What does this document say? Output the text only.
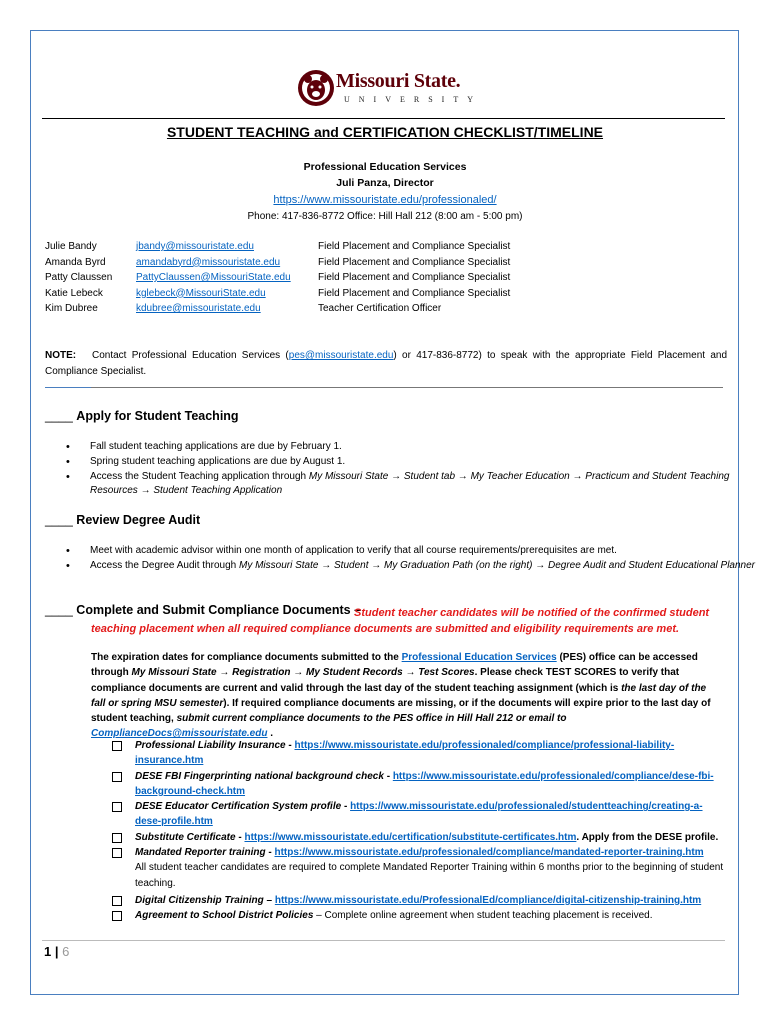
Missouri State.
UNIVERSITY
STUDENT TEACHING and CERTIFICATION CHECKLIST/TIMELINE
Professional Education Services
Juli Panza, Director
https://www.missouristate.edu/professionaled/
Phone: 417-836-8772 Office: Hill Hall 212 (8:00 am - 5:00 pm)
Julie Bandy	jbandy@missouristate.edu	Field Placement and Compliance Specialist
Amanda Byrd	amandabyrd@missouristate.edu	Field Placement and Compliance Specialist
Patty Claussen PattyClaussen@MissouriState.edu	Field Placement and Compliance Specialist
Katie Lebeck	kglebeck@MissouriState.edu	Field Placement and Compliance Specialist
Kim Dubree	kdubree@missouristate.edu	Teacher Certification Officer
NOTE: Contact Professional Education Services (pes@missouristate.edu) or 417-836-8772) to speak with the appropriate Field Placement and Compliance Specialist.
____ Apply for Student Teaching
• Fall student teaching applications are due by February 1.
• Spring student teaching applications are due by August 1.
• Access the Student Teaching application through My Missouri State → Student tab → My Teacher Education → Practicum and Student Teaching Resources → Student Teaching Application
____ Review Degree Audit
• Meet with academic advisor within one month of application to verify that all course requirements/prerequisites are met.
• Access the Degree Audit through My Missouri State → Student → My Graduation Path (on the right) → Degree Audit and Student Educational Planner
____ Complete and Submit Compliance Documents –
Student teacher candidates will be notified of the confirmed student teaching placement when all required compliance documents are submitted and eligibility requirements are met.
The expiration dates for compliance documents submitted to the Professional Education Services (PES) office can be accessed through My Missouri State → Registration → My Student Records → Test Scores. Please check TEST SCORES to verify that compliance documents are current and valid through the last day of the student teaching assignment (which is the last day of the fall or spring MSU semester). If required compliance documents are missing, or if the documents will expire prior to the last day of student teaching, submit current compliance documents to the PES office in Hill Hall 212 or email to ComplianceDocs@missouristate.edu .
Professional Liability Insurance - https://www.missouristate.edu/professionaled/compliance/professional-liability-insurance.htm
DESE FBI Fingerprinting national background check - https://www.missouristate.edu/professionaled/compliance/dese-fbi-background-check.htm
DESE Educator Certification System profile - https://www.missouristate.edu/professionaled/studentteaching/creating-a-dese-profile.htm
Substitute Certificate - https://www.missouristate.edu/certification/substitute-certificates.htm. Apply from the DESE profile.
Mandated Reporter training - https://www.missouristate.edu/professionaled/compliance/mandated-reporter-training.htm
All student teacher candidates are required to complete Mandated Reporter Training within 6 months prior to the beginning of student teaching.
Digital Citizenship Training – https://www.missouristate.edu/ProfessionalEd/compliance/digital-citizenship-training.htm
Agreement to School District Policies – Complete online agreement when student teaching placement is received.
1 | 6
